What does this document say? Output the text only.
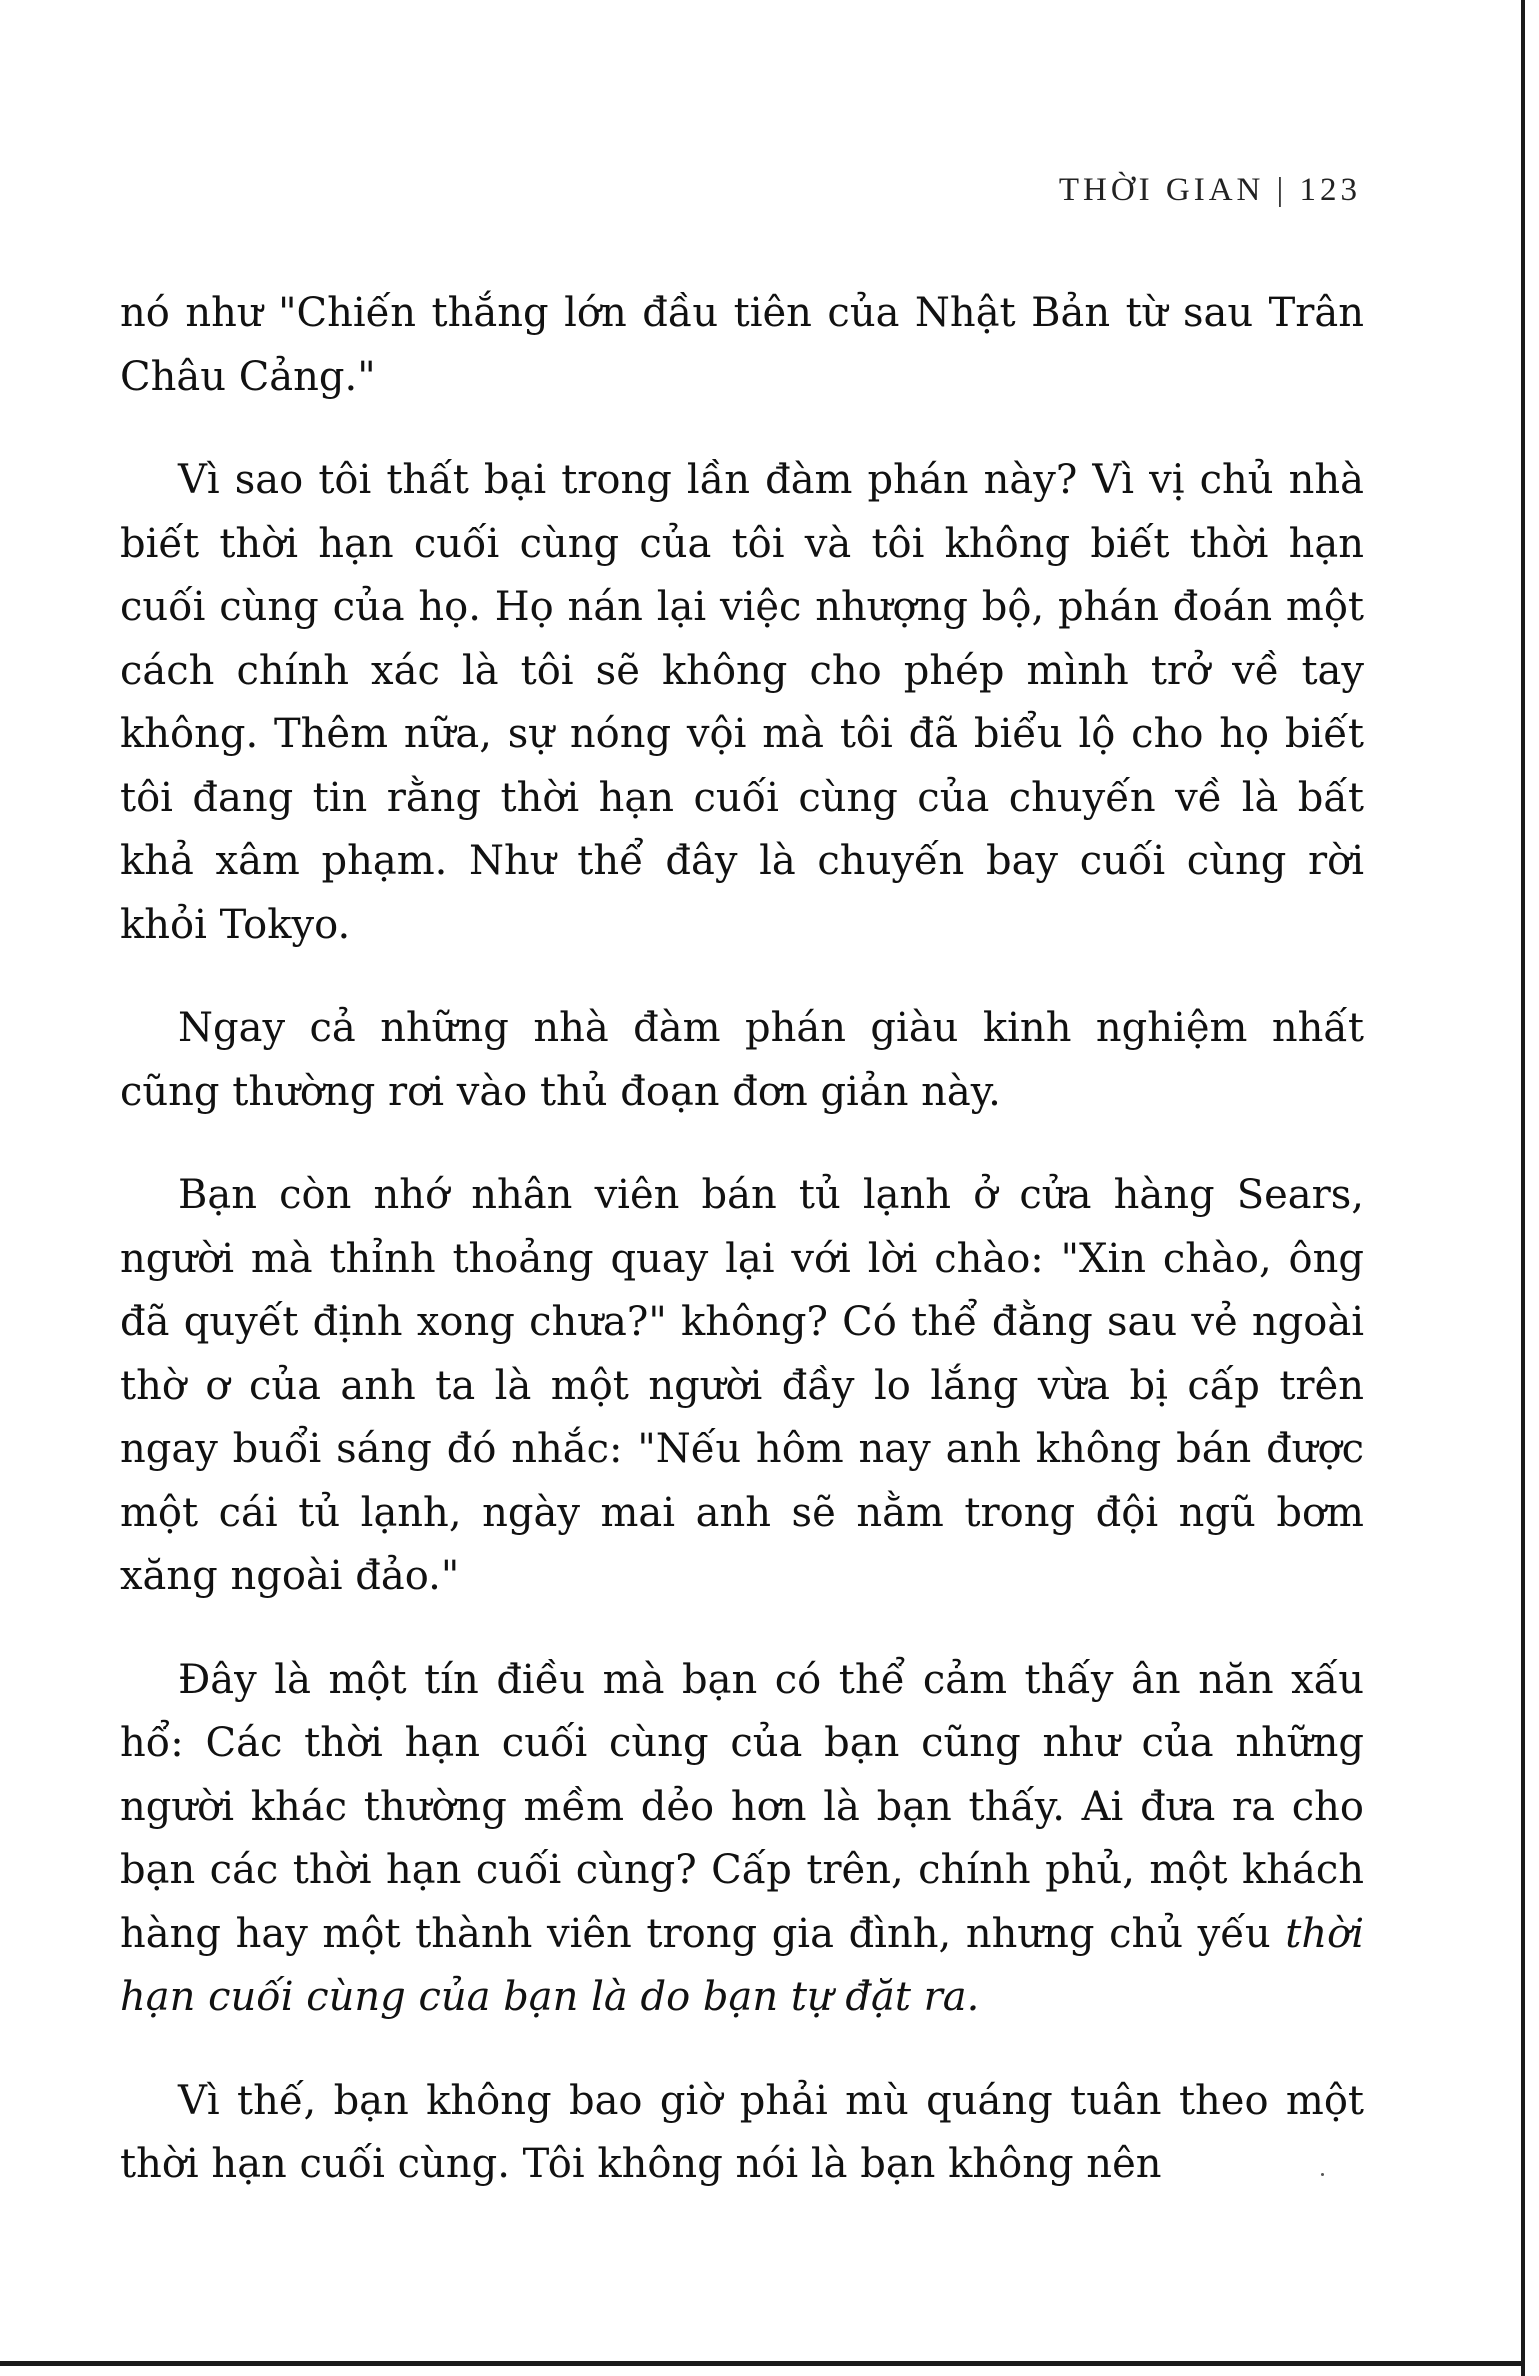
THỜI GIAN | 123

nó như "Chiến thắng lớn đầu tiên của Nhật Bản từ sau Trân Châu Cảng."

Vì sao tôi thất bại trong lần đàm phán này? Vì vị chủ nhà biết thời hạn cuối cùng của tôi và tôi không biết thời hạn cuối cùng của họ. Họ nán lại việc nhượng bộ, phán đoán một cách chính xác là tôi sẽ không cho phép mình trở về tay không. Thêm nữa, sự nóng vội mà tôi đã biểu lộ cho họ biết tôi đang tin rằng thời hạn cuối cùng của chuyến về là bất khả xâm phạm. Như thể đây là chuyến bay cuối cùng rời khỏi Tokyo.

Ngay cả những nhà đàm phán giàu kinh nghiệm nhất cũng thường rơi vào thủ đoạn đơn giản này.

Bạn còn nhớ nhân viên bán tủ lạnh ở cửa hàng Sears, người mà thỉnh thoảng quay lại với lời chào: "Xin chào, ông đã quyết định xong chưa?" không? Có thể đằng sau vẻ ngoài thờ ơ của anh ta là một người đầy lo lắng vừa bị cấp trên ngay buổi sáng đó nhắc: "Nếu hôm nay anh không bán được một cái tủ lạnh, ngày mai anh sẽ nằm trong đội ngũ bơm xăng ngoài đảo."

Đây là một tín điều mà bạn có thể cảm thấy ân năn xấu hổ: Các thời hạn cuối cùng của bạn cũng như của những người khác thường mềm dẻo hơn là bạn thấy. Ai đưa ra cho bạn các thời hạn cuối cùng? Cấp trên, chính phủ, một khách hàng hay một thành viên trong gia đình, nhưng chủ yếu thời hạn cuối cùng của bạn là do bạn tự đặt ra.

Vì thế, bạn không bao giờ phải mù quáng tuân theo một thời hạn cuối cùng. Tôi không nói là bạn không nên
